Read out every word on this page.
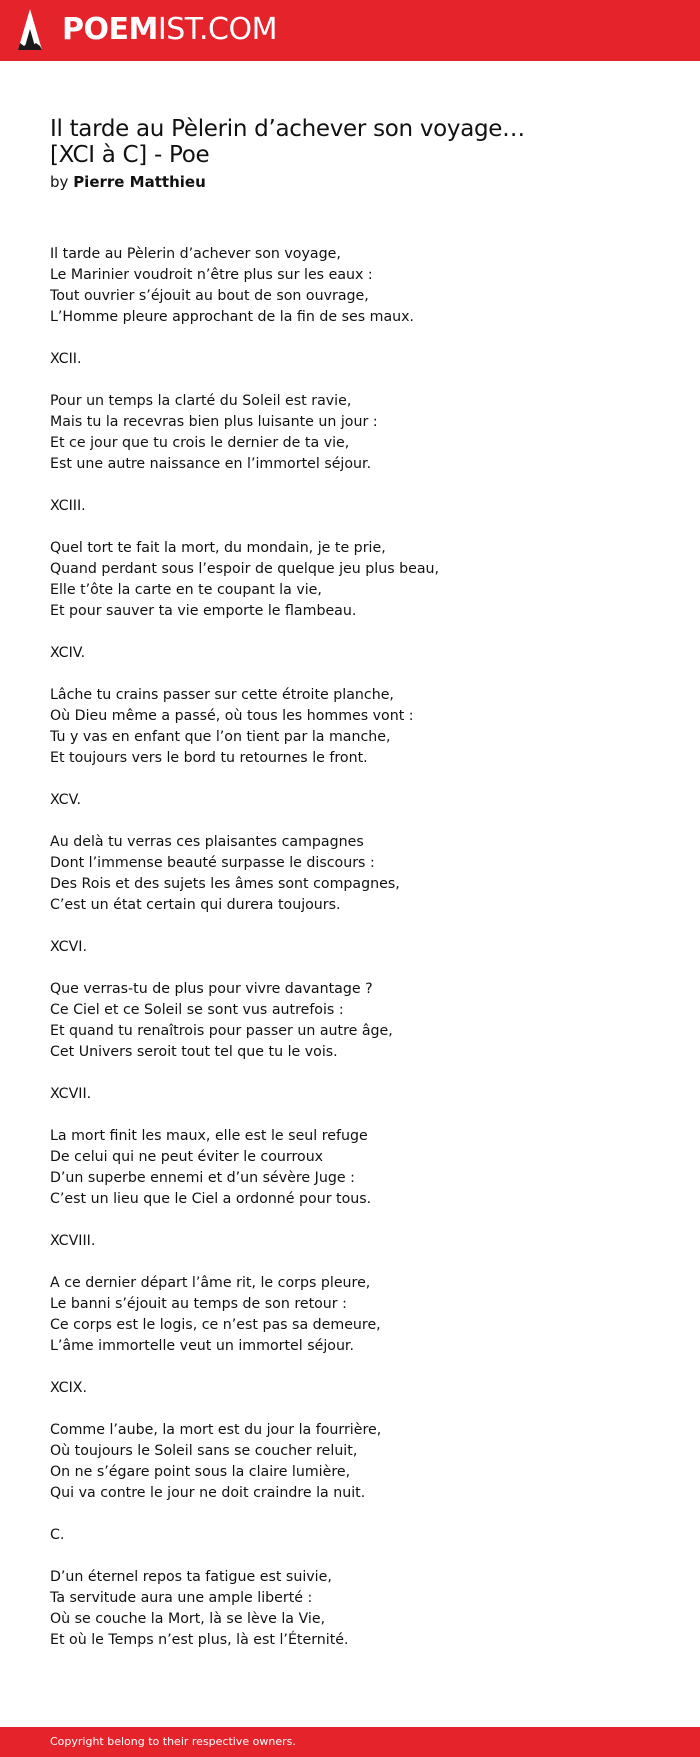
POEMIST.COM
Il tarde au Pèlerin d’achever son voyage…
[XCI à C] - Poe
by Pierre Matthieu
Il tarde au Pèlerin d’achever son voyage,
Le Marinier voudroit n’être plus sur les eaux :
Tout ouvrier s’éjouit au bout de son ouvrage,
L’Homme pleure approchant de la fin de ses maux.
XCII.
Pour un temps la clarté du Soleil est ravie,
Mais tu la recevras bien plus luisante un jour :
Et ce jour que tu crois le dernier de ta vie,
Est une autre naissance en l’immortel séjour.
XCIII.
Quel tort te fait la mort, du mondain, je te prie,
Quand perdant sous l’espoir de quelque jeu plus beau,
Elle t’ôte la carte en te coupant la vie,
Et pour sauver ta vie emporte le flambeau.
XCIV.
Lâche tu crains passer sur cette étroite planche,
Où Dieu même a passé, où tous les hommes vont :
Tu y vas en enfant que l’on tient par la manche,
Et toujours vers le bord tu retournes le front.
XCV.
Au delà tu verras ces plaisantes campagnes
Dont l’immense beauté surpasse le discours :
Des Rois et des sujets les âmes sont compagnes,
C’est un état certain qui durera toujours.
XCVI.
Que verras-tu de plus pour vivre davantage ?
Ce Ciel et ce Soleil se sont vus autrefois :
Et quand tu renaîtrois pour passer un autre âge,
Cet Univers seroit tout tel que tu le vois.
XCVII.
La mort finit les maux, elle est le seul refuge
De celui qui ne peut éviter le courroux
D’un superbe ennemi et d’un sévère Juge :
C’est un lieu que le Ciel a ordonné pour tous.
XCVIII.
A ce dernier départ l’âme rit, le corps pleure,
Le banni s’éjouit au temps de son retour :
Ce corps est le logis, ce n’est pas sa demeure,
L’âme immortelle veut un immortel séjour.
XCIX.
Comme l’aube, la mort est du jour la fourrière,
Où toujours le Soleil sans se coucher reluit,
On ne s’égare point sous la claire lumière,
Qui va contre le jour ne doit craindre la nuit.
C.
D’un éternel repos ta fatigue est suivie,
Ta servitude aura une ample liberté :
Où se couche la Mort, là se lève la Vie,
Et où le Temps n’est plus, là est l’Éternité.
Copyright belong to their respective owners.
